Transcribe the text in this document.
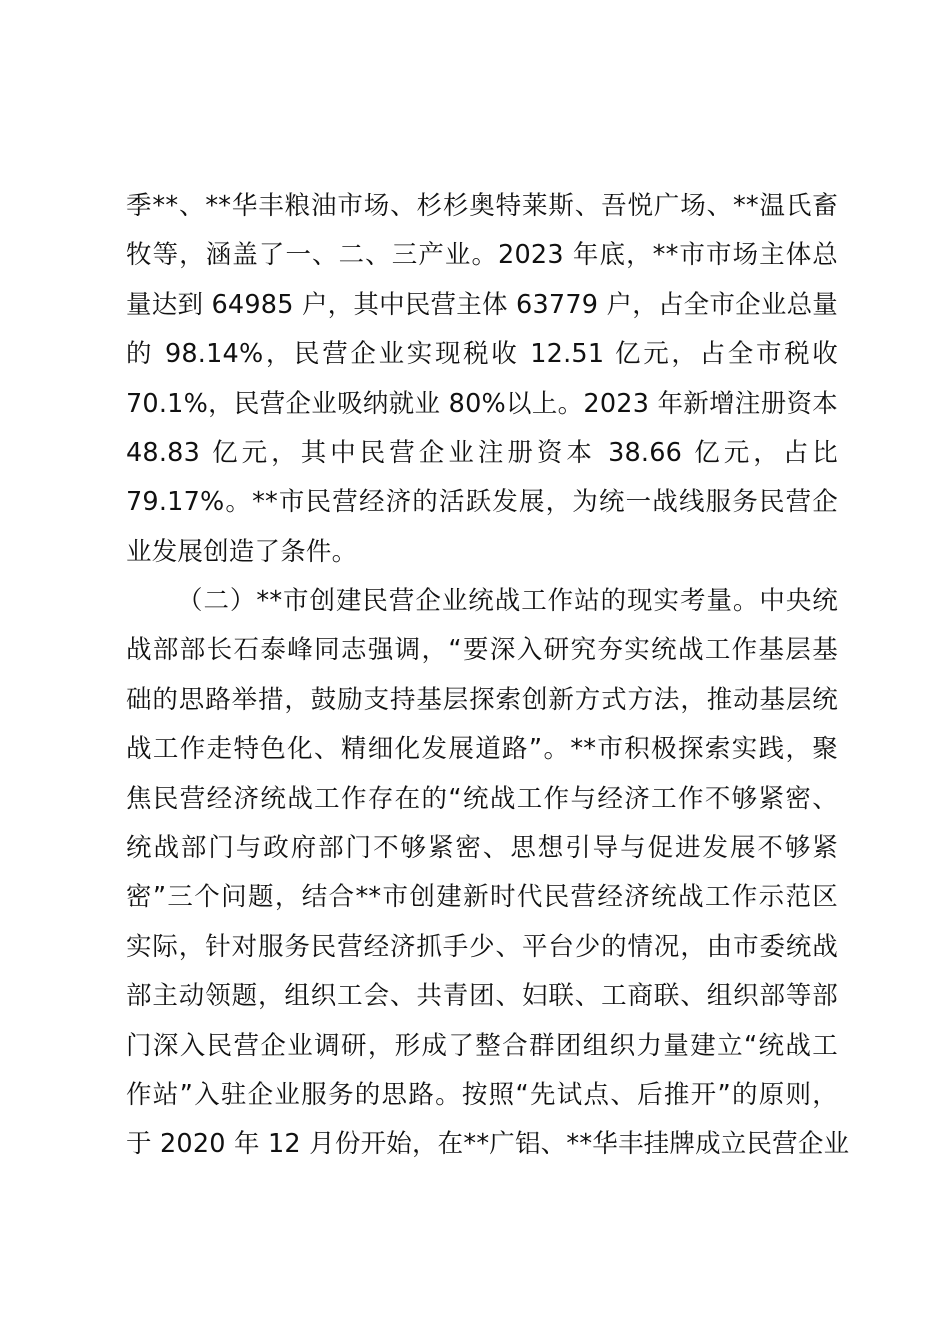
季**、**华丰粮油市场、杉杉奥特莱斯、吾悦广场、**温氏畜
牧等，涵盖了一、二、三产业。2023 年底，**市市场主体总
量达到 64985 户，其中民营主体 63779 户，占全市企业总量
的 98.14%，民营企业实现税收 12.51 亿元，占全市税收
70.1%，民营企业吸纳就业 80%以上。2023 年新增注册资本
48.83 亿元，其中民营企业注册资本 38.66 亿元，占比
79.17%。**市民营经济的活跃发展，为统一战线服务民营企
业发展创造了条件。
（二）**市创建民营企业统战工作站的现实考量。中央统
战部部长石泰峰同志强调，“要深入研究夯实统战工作基层基
础的思路举措，鼓励支持基层探索创新方式方法，推动基层统
战工作走特色化、精细化发展道路”。**市积极探索实践，聚
焦民营经济统战工作存在的“统战工作与经济工作不够紧密、
统战部门与政府部门不够紧密、思想引导与促进发展不够紧
密”三个问题，结合**市创建新时代民营经济统战工作示范区
实际，针对服务民营经济抓手少、平台少的情况，由市委统战
部主动领题，组织工会、共青团、妇联、工商联、组织部等部
门深入民营企业调研，形成了整合群团组织力量建立“统战工
作站”入驻企业服务的思路。按照“先试点、后推开”的原则，
于 2020 年 12 月份开始，在**广铝、**华丰挂牌成立民营企业
